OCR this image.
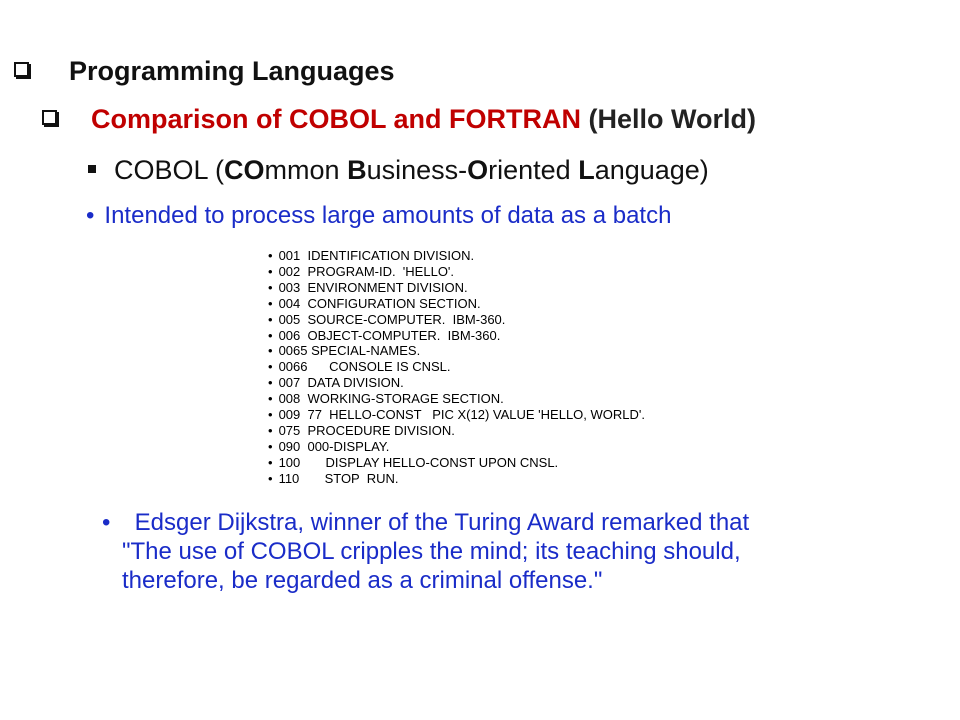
Programming Languages
Comparison of COBOL and FORTRAN (Hello World)
COBOL (COmmon Business-Oriented Language)
• Intended to process large amounts of data as a batch
• 001  IDENTIFICATION DIVISION.
• 002  PROGRAM-ID.  'HELLO'.
• 003  ENVIRONMENT DIVISION.
• 004  CONFIGURATION SECTION.
• 005  SOURCE-COMPUTER.  IBM-360.
• 006  OBJECT-COMPUTER.  IBM-360.
• 0065 SPECIAL-NAMES.
• 0066      CONSOLE IS CNSL.
• 007  DATA DIVISION.
• 008  WORKING-STORAGE SECTION.
• 009  77  HELLO-CONST   PIC X(12) VALUE 'HELLO, WORLD'.
• 075  PROCEDURE DIVISION.
• 090  000-DISPLAY.
• 100       DISPLAY HELLO-CONST UPON CNSL.
• 110       STOP  RUN.
• Edsger Dijkstra, winner of the Turing Award remarked that
"The use of COBOL cripples the mind; its teaching should,
therefore, be regarded as a criminal offense."
